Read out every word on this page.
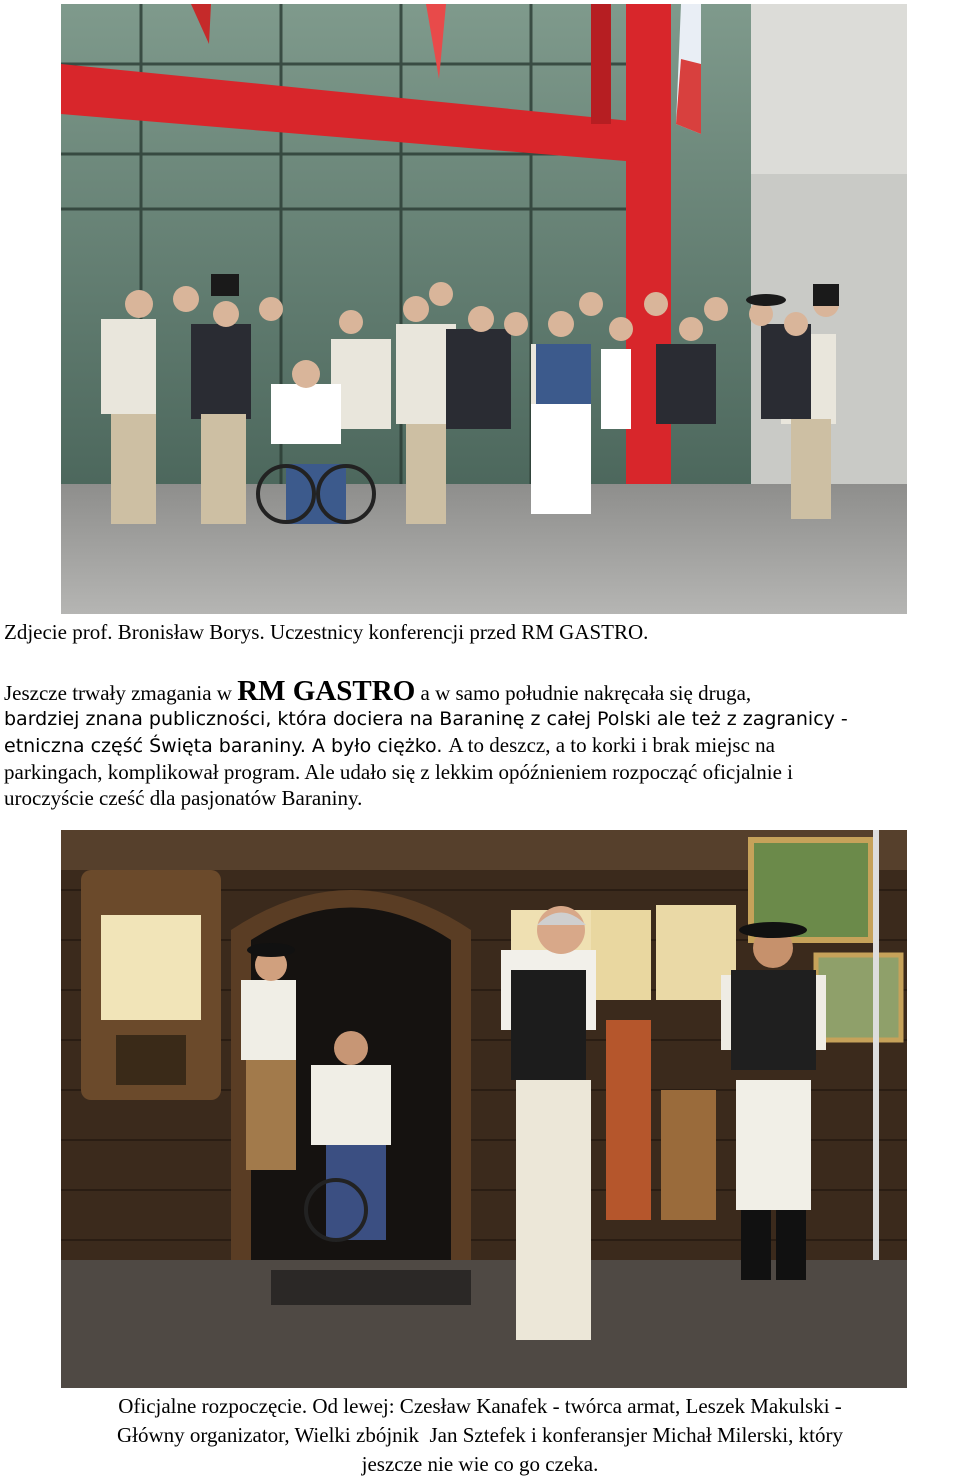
Zdjecie prof. Bronisław Borys. Uczestnicy konferencji przed RM GASTRO.
Jeszcze trwały zmagania w RM GASTRO a w samo południe nakręcała się druga,
bardziej znana publiczności, która dociera na Baraninę z całej Polski ale też z zagranicy -
etniczna część Święta baraniny. A było ciężko. A to deszcz, a to korki i brak miejsc na
parkingach, komplikował program. Ale udało się z lekkim opóźnieniem rozpocząć oficjalnie i
uroczyście cześć dla pasjonatów Baraniny.
Oficjalne rozpoczęcie. Od lewej: Czesław Kanafek - twórca armat, Leszek Makulski -
Główny organizator, Wielki zbójnik  Jan Sztefek i konferansjer Michał Milerski, który
jeszcze nie wie co go czeka.
